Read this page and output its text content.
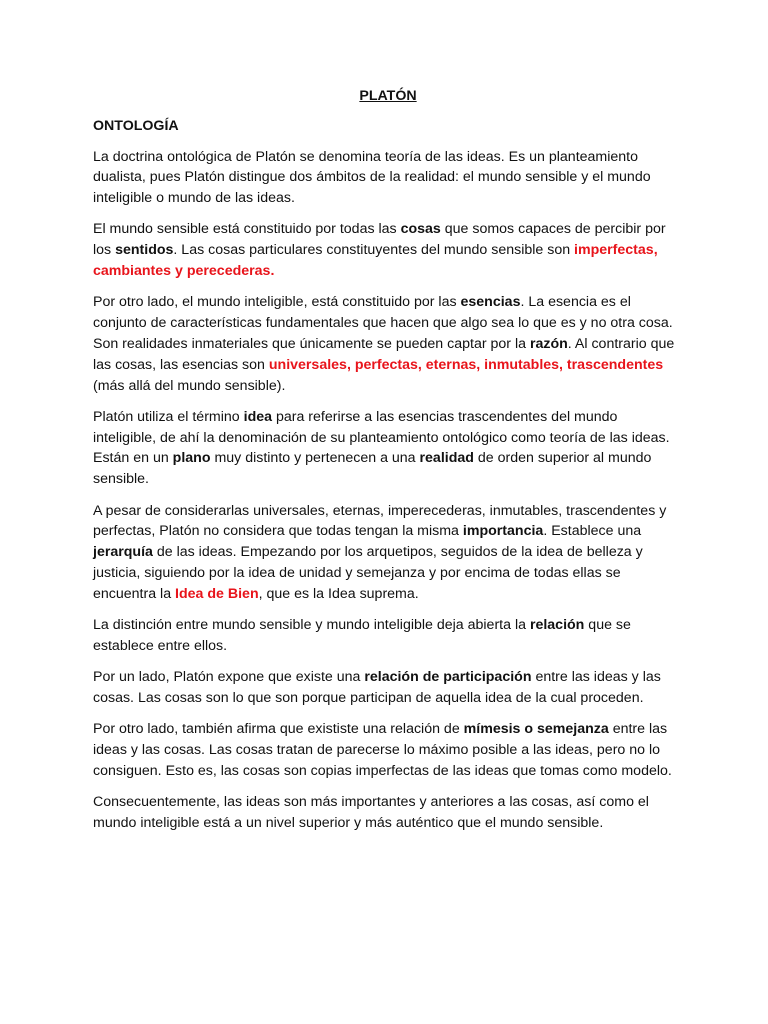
PLATÓN
ONTOLOGÍA

La doctrina ontológica de Platón se denomina teoría de las ideas. Es un planteamiento dualista, pues Platón distingue dos ámbitos de la realidad: el mundo sensible y el mundo inteligible o mundo de las ideas.

El mundo sensible está constituido por todas las cosas que somos capaces de percibir por los sentidos. Las cosas particulares constituyentes del mundo sensible son imperfectas, cambiantes y perecederas.

Por otro lado, el mundo inteligible, está constituido por las esencias. La esencia es el conjunto de características fundamentales que hacen que algo sea lo que es y no otra cosa. Son realidades inmateriales que únicamente se pueden captar por la razón. Al contrario que las cosas, las esencias son universales, perfectas, eternas, inmutables, trascendentes (más allá del mundo sensible).

Platón utiliza el término idea para referirse a las esencias trascendentes del mundo inteligible, de ahí la denominación de su planteamiento ontológico como teoría de las ideas. Están en un plano muy distinto y pertenecen a una realidad de orden superior al mundo sensible.

A pesar de considerarlas universales, eternas, imperecederas, inmutables, trascendentes y perfectas, Platón no considera que todas tengan la misma importancia. Establece una jerarquía de las ideas. Empezando por los arquetipos, seguidos de la idea de belleza y justicia, siguiendo por la idea de unidad y semejanza y por encima de todas ellas se encuentra la Idea de Bien, que es la Idea suprema.

La distinción entre mundo sensible y mundo inteligible deja abierta la relación que se establece entre ellos.

Por un lado, Platón expone que existe una relación de participación entre las ideas y las cosas. Las cosas son lo que son porque participan de aquella idea de la cual proceden.

Por otro lado, también afirma que exististe una relación de mímesis o semejanza entre las ideas y las cosas. Las cosas tratan de parecerse lo máximo posible a las ideas, pero no lo consiguen. Esto es, las cosas son copias imperfectas de las ideas que tomas como modelo.

Consecuentemente, las ideas son más importantes y anteriores a las cosas, así como el mundo inteligible está a un nivel superior y más auténtico que el mundo sensible.
